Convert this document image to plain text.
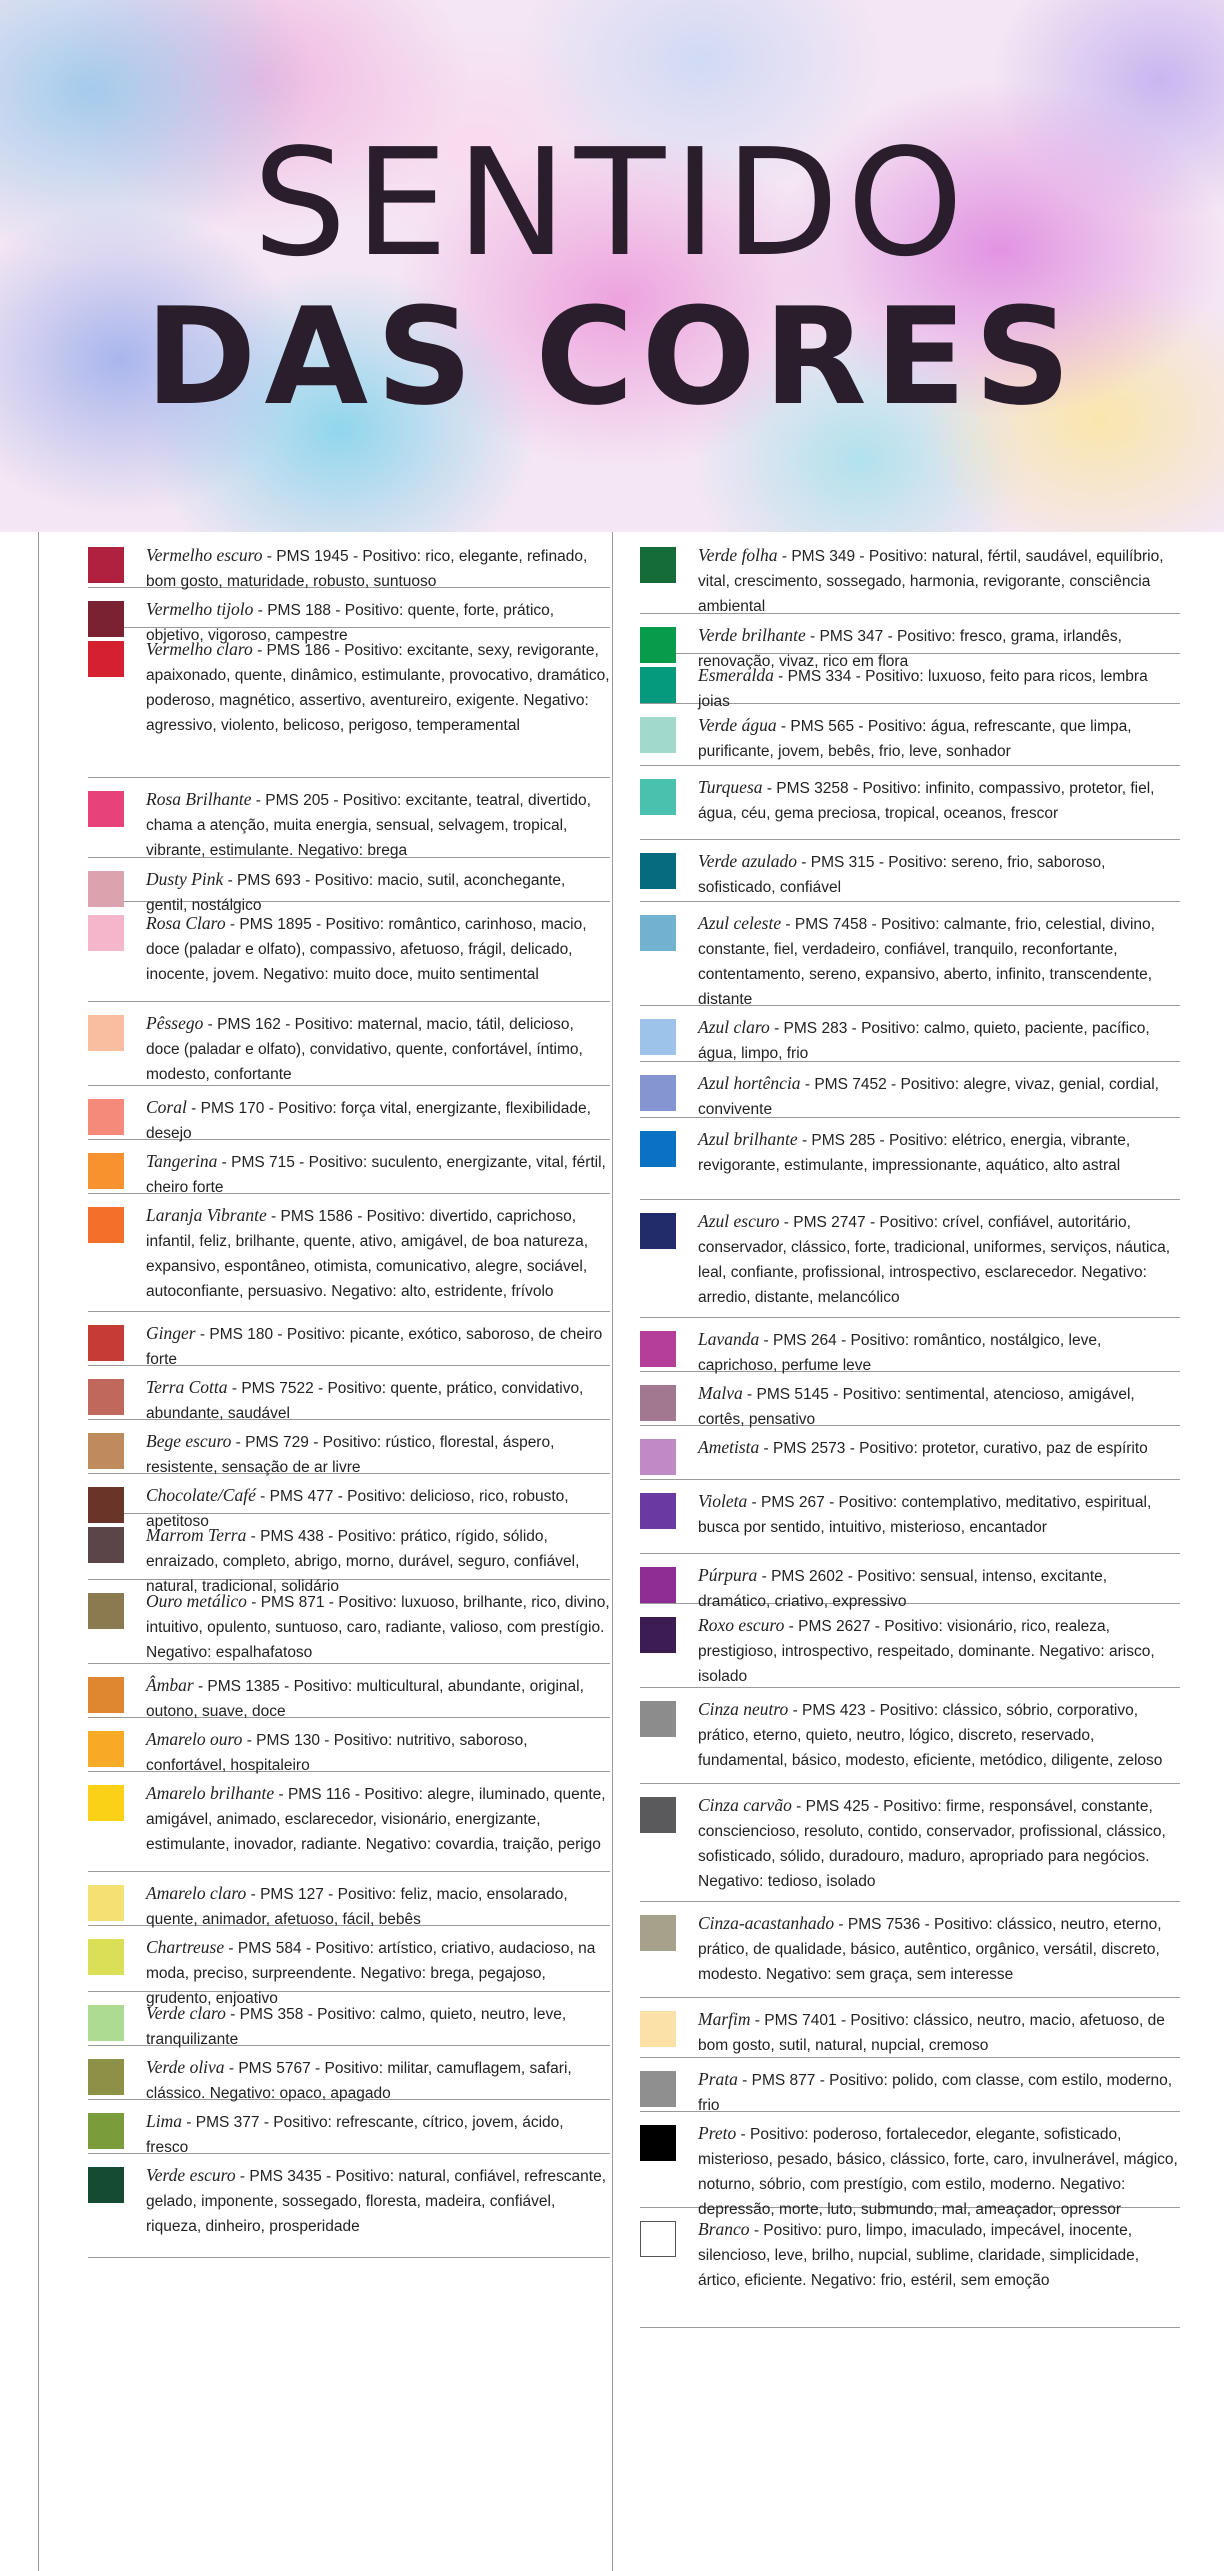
SENTIDO
DAS CORES

Vermelho escuro - PMS 1945 - Positivo: rico, elegante, refinado, bom gosto, maturidade, robusto, suntuoso

Vermelho tijolo - PMS 188 - Positivo: quente, forte, prático, objetivo, vigoroso, campestre

Vermelho claro - PMS 186 - Positivo: excitante, sexy, revigorante, apaixonado, quente, dinâmico, estimulante, provocativo, dramático, poderoso, magnético, assertivo, aventureiro, exigente. Negativo: agressivo, violento, belicoso, perigoso, temperamental

Rosa Brilhante - PMS 205 - Positivo: excitante, teatral, divertido, chama a atenção, muita energia, sensual, selvagem, tropical, vibrante, estimulante. Negativo: brega

Dusty Pink - PMS 693 - Positivo: macio, sutil, aconchegante, gentil, nostálgico

Rosa Claro - PMS 1895 - Positivo: romântico, carinhoso, macio, doce (paladar e olfato), compassivo, afetuoso, frágil, delicado, inocente, jovem. Negativo: muito doce, muito sentimental

Pêssego - PMS 162 - Positivo: maternal, macio, tátil, delicioso, doce (paladar e olfato), convidativo, quente, confortável, íntimo, modesto, confortante

Coral - PMS 170 - Positivo: força vital, energizante, flexibilidade, desejo

Tangerina - PMS 715 - Positivo: suculento, energizante, vital, fértil, cheiro forte

Laranja Vibrante - PMS 1586 - Positivo: divertido, caprichoso, infantil, feliz, brilhante, quente, ativo, amigável, de boa natureza, expansivo, espontâneo, otimista, comunicativo, alegre, sociável, autoconfiante, persuasivo. Negativo: alto, estridente, frívolo

Ginger - PMS 180 - Positivo: picante, exótico, saboroso, de cheiro forte

Terra Cotta - PMS 7522 - Positivo: quente, prático, convidativo, abundante, saudável

Bege escuro - PMS 729 - Positivo: rústico, florestal, áspero, resistente, sensação de ar livre

Chocolate/Café - PMS 477 - Positivo: delicioso, rico, robusto, apetitoso

Marrom Terra - PMS 438 - Positivo: prático, rígido, sólido, enraizado, completo, abrigo, morno, durável, seguro, confiável, natural, tradicional, solidário

Ouro metálico - PMS 871 - Positivo: luxuoso, brilhante, rico, divino, intuitivo, opulento, suntuoso, caro, radiante, valioso, com prestígio. Negativo: espalhafatoso

Âmbar - PMS 1385 - Positivo: multicultural, abundante, original, outono, suave, doce

Amarelo ouro - PMS 130 - Positivo: nutritivo, saboroso, confortável, hospitaleiro

Amarelo brilhante - PMS 116 - Positivo: alegre, iluminado, quente, amigável, animado, esclarecedor, visionário, energizante, estimulante, inovador, radiante. Negativo: covardia, traição, perigo

Amarelo claro - PMS 127 - Positivo: feliz, macio, ensolarado, quente, animador, afetuoso, fácil, bebês

Chartreuse - PMS 584 - Positivo: artístico, criativo, audacioso, na moda, preciso, surpreendente. Negativo: brega, pegajoso, grudento, enjoativo

Verde claro - PMS 358 - Positivo: calmo, quieto, neutro, leve, tranquilizante

Verde oliva - PMS 5767 - Positivo: militar, camuflagem, safari, clássico. Negativo: opaco, apagado

Lima - PMS 377 - Positivo: refrescante, cítrico, jovem, ácido, fresco

Verde escuro - PMS 3435 - Positivo: natural, confiável, refrescante, gelado, imponente, sossegado, floresta, madeira, confiável, riqueza, dinheiro, prosperidade

Verde folha - PMS 349 - Positivo: natural, fértil, saudável, equilíbrio, vital, crescimento, sossegado, harmonia, revigorante, consciência ambiental

Verde brilhante - PMS 347 - Positivo: fresco, grama, irlandês, renovação, vivaz, rico em flora

Esmeralda - PMS 334 - Positivo: luxuoso, feito para ricos, lembra joias

Verde água - PMS 565 - Positivo: água, refrescante, que limpa, purificante, jovem, bebês, frio, leve, sonhador

Turquesa - PMS 3258 - Positivo: infinito, compassivo, protetor, fiel, água, céu, gema preciosa, tropical, oceanos, frescor

Verde azulado - PMS 315 - Positivo: sereno, frio, saboroso, sofisticado, confiável

Azul celeste - PMS 7458 - Positivo: calmante, frio, celestial, divino, constante, fiel, verdadeiro, confiável, tranquilo, reconfortante, contentamento, sereno, expansivo, aberto, infinito, transcendente, distante

Azul claro - PMS 283 - Positivo: calmo, quieto, paciente, pacífico, água, limpo, frio

Azul hortência - PMS 7452 - Positivo: alegre, vivaz, genial, cordial, convivente

Azul brilhante - PMS 285 - Positivo: elétrico, energia, vibrante, revigorante, estimulante, impressionante, aquático, alto astral

Azul escuro - PMS 2747 - Positivo: crível, confiável, autoritário, conservador, clássico, forte, tradicional, uniformes, serviços, náutica, leal, confiante, profissional, introspectivo, esclarecedor. Negativo: arredio, distante, melancólico

Lavanda - PMS 264 - Positivo: romântico, nostálgico, leve, caprichoso, perfume leve

Malva - PMS 5145 - Positivo: sentimental, atencioso, amigável, cortês, pensativo

Ametista - PMS 2573 - Positivo: protetor, curativo, paz de espírito

Violeta - PMS 267 - Positivo: contemplativo, meditativo, espiritual, busca por sentido, intuitivo, misterioso, encantador

Púrpura - PMS 2602 - Positivo: sensual, intenso, excitante, dramático, criativo, expressivo

Roxo escuro - PMS 2627 - Positivo: visionário, rico, realeza, prestigioso, introspectivo, respeitado, dominante. Negativo: arisco, isolado

Cinza neutro - PMS 423 - Positivo: clássico, sóbrio, corporativo, prático, eterno, quieto, neutro, lógico, discreto, reservado, fundamental, básico, modesto, eficiente, metódico, diligente, zeloso

Cinza carvão - PMS 425 - Positivo: firme, responsável, constante, consciencioso, resoluto, contido, conservador, profissional, clássico, sofisticado, sólido, duradouro, maduro, apropriado para negócios. Negativo: tedioso, isolado

Cinza-acastanhado - PMS 7536 - Positivo: clássico, neutro, eterno, prático, de qualidade, básico, autêntico, orgânico, versátil, discreto, modesto. Negativo: sem graça, sem interesse

Marfim - PMS 7401 - Positivo: clássico, neutro, macio, afetuoso, de bom gosto, sutil, natural, nupcial, cremoso

Prata - PMS 877 - Positivo: polido, com classe, com estilo, moderno, frio

Preto - Positivo: poderoso, fortalecedor, elegante, sofisticado, misterioso, pesado, básico, clássico, forte, caro, invulnerável, mágico, noturno, sóbrio, com prestígio, com estilo, moderno. Negativo: depressão, morte, luto, submundo, mal, ameaçador, opressor

Branco - Positivo: puro, limpo, imaculado, impecável, inocente, silencioso, leve, brilho, nupcial, sublime, claridade, simplicidade, ártico, eficiente. Negativo: frio, estéril, sem emoção
